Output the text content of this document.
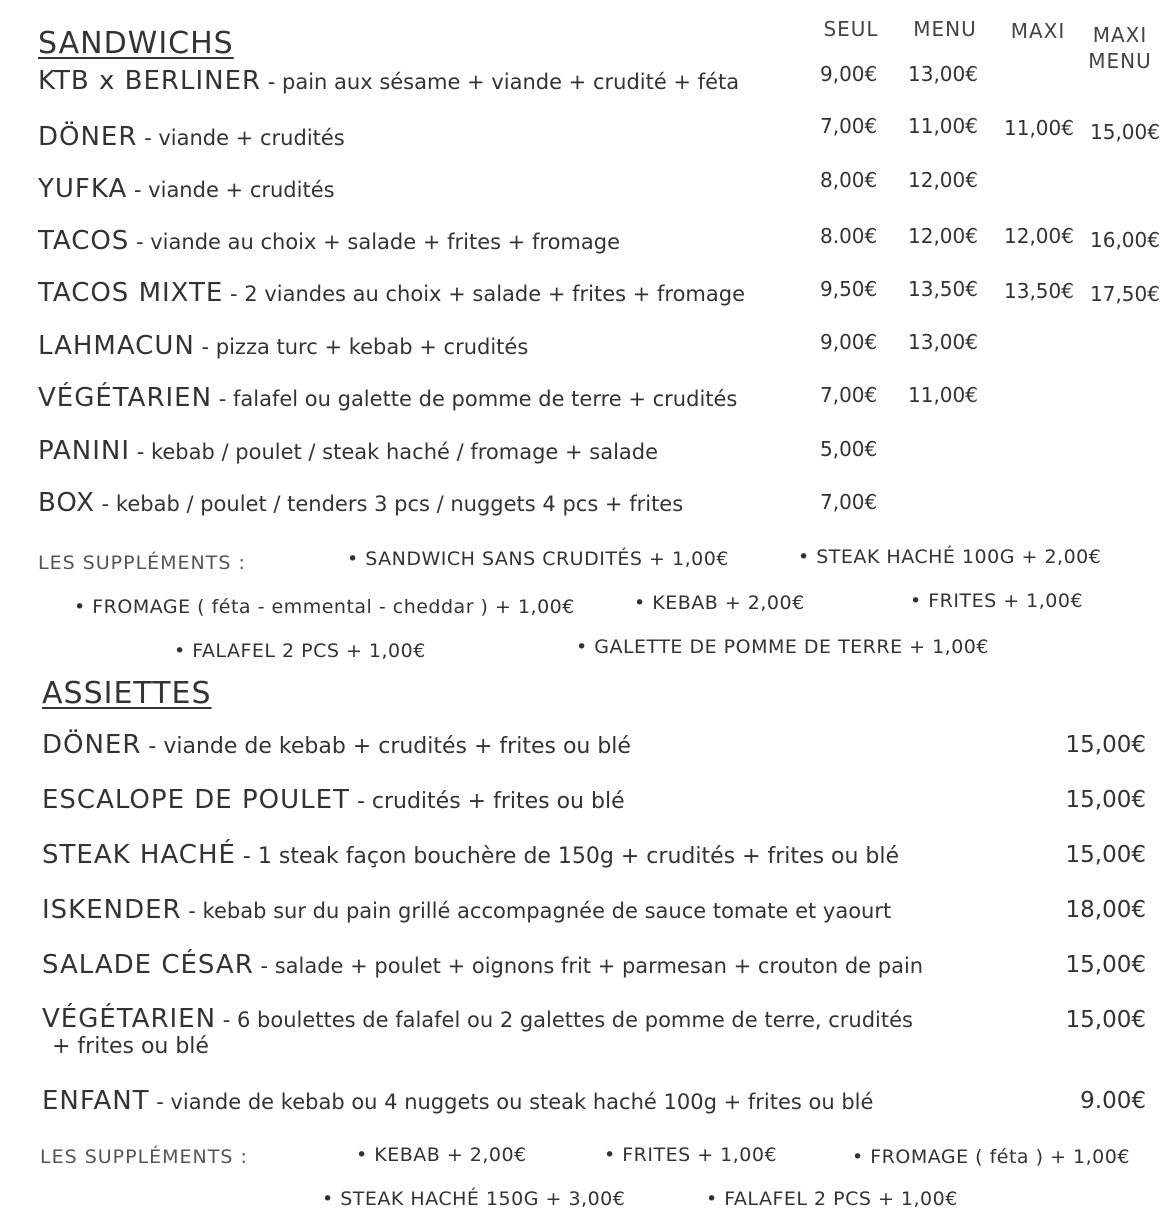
SANDWICHS	SEUL	MENU	MAXI	MAXI MENU
KTB x BERLINER - pain aux sésame + viande + crudité + féta	9,00€ 13,00€
DÖNER - viande + crudités	7,00€ 11,00€ 11,00€ 15,00€
YUFKA - viande + crudités	8,00€ 12,00€
TACOS - viande au choix + salade + frites + fromage	8.00€ 12,00€ 12,00€ 16,00€
TACOS MIXTE - 2 viandes au choix + salade + frites + fromage	9,50€ 13,50€ 13,50€ 17,50€
LAHMACUN - pizza turc + kebab + crudités	9,00€ 13,00€
VÉGÉTARIEN - falafel ou galette de pomme de terre + crudités	7,00€ 11,00€
PANINI - kebab / poulet / steak haché / fromage + salade	5,00€
BOX - kebab / poulet / tenders 3 pcs / nuggets 4 pcs + frites	7,00€
LES SUPPLÉMENTS :	• SANDWICH SANS CRUDITÉS + 1,00€	• STEAK HACHÉ 100G + 2,00€
• FROMAGE ( féta - emmental - cheddar ) + 1,00€	• KEBAB + 2,00€	• FRITES + 1,00€
• FALAFEL 2 PCS + 1,00€	• GALETTE DE POMME DE TERRE + 1,00€
ASSIETTES
DÖNER - viande de kebab + crudités + frites ou blé	15,00€
ESCALOPE DE POULET - crudités + frites ou blé	15,00€
STEAK HACHÉ - 1 steak façon bouchère de 150g + crudités + frites ou blé	15,00€
ISKENDER - kebab sur du pain grillé accompagnée de sauce tomate et yaourt	18,00€
SALADE CÉSAR - salade + poulet + oignons frit + parmesan + crouton de pain	15,00€
VÉGÉTARIEN - 6 boulettes de falafel ou 2 galettes de pomme de terre, crudités
+ frites ou blé
15,00€
ENFANT - viande de kebab ou 4 nuggets ou steak haché 100g + frites ou blé	9.00€
LES SUPPLÉMENTS :	• KEBAB + 2,00€	• FRITES + 1,00€	• FROMAGE ( féta ) + 1,00€
• STEAK HACHÉ 150G + 3,00€	• FALAFEL 2 PCS + 1,00€
